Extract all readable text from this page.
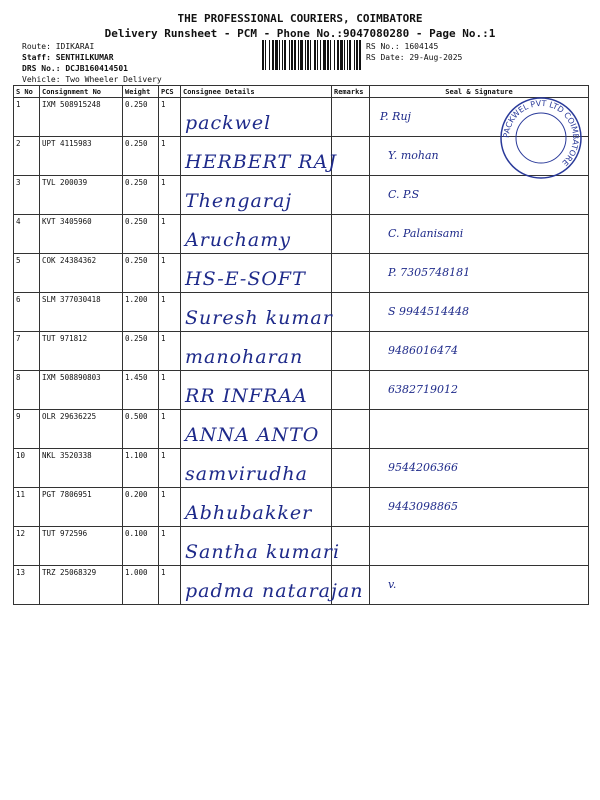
THE PROFESSIONAL COURIERS, COIMBATORE
Delivery Runsheet - PCM - Phone No.:9047080280 - Page No.:1
Route: IDIKARAI
Staff: SENTHILKUMAR
DRS No.: DCJB160414501
Vehicle: Two Wheeler Delivery
RS No.: 1604145
RS Date: 29-Aug-2025
S No	Consignment No	Weight	PCS	Consignee Details	Remarks	Seal & Signature
1	IXM 508915248	0.250	1	packwel		P. Ruj

2	UPT 4115983	0.250	1	HERBERT RAJ		Y. mohan

3	TVL 200039	0.250	1	Thengaraj		C. P.S

4	KVT 3405960	0.250	1	Aruchamy		C. Palanisami

5	COK 24384362	0.250	1	HS-E-SOFT		P. 7305748181

6	SLM 377030418	1.200	1	Suresh kumar		S 9944514448

7	TUT 971812	0.250	1	manoharan		9486016474

8	IXM 508890803	1.450	1	RR INFRAA		6382719012

9	OLR 29636225	0.500	1	ANNA ANTO		

10	NKL 3520338	1.100	1	samvirudha		9544206366

11	PGT 7806951	0.200	1	Abhubakker		9443098865

12	TUT 972596	0.100	1	Santha kumari		

13	TRZ 25068329	1.000	1	padma natarajan		v.
PACKWEL PVT LTD COIMBATORE
